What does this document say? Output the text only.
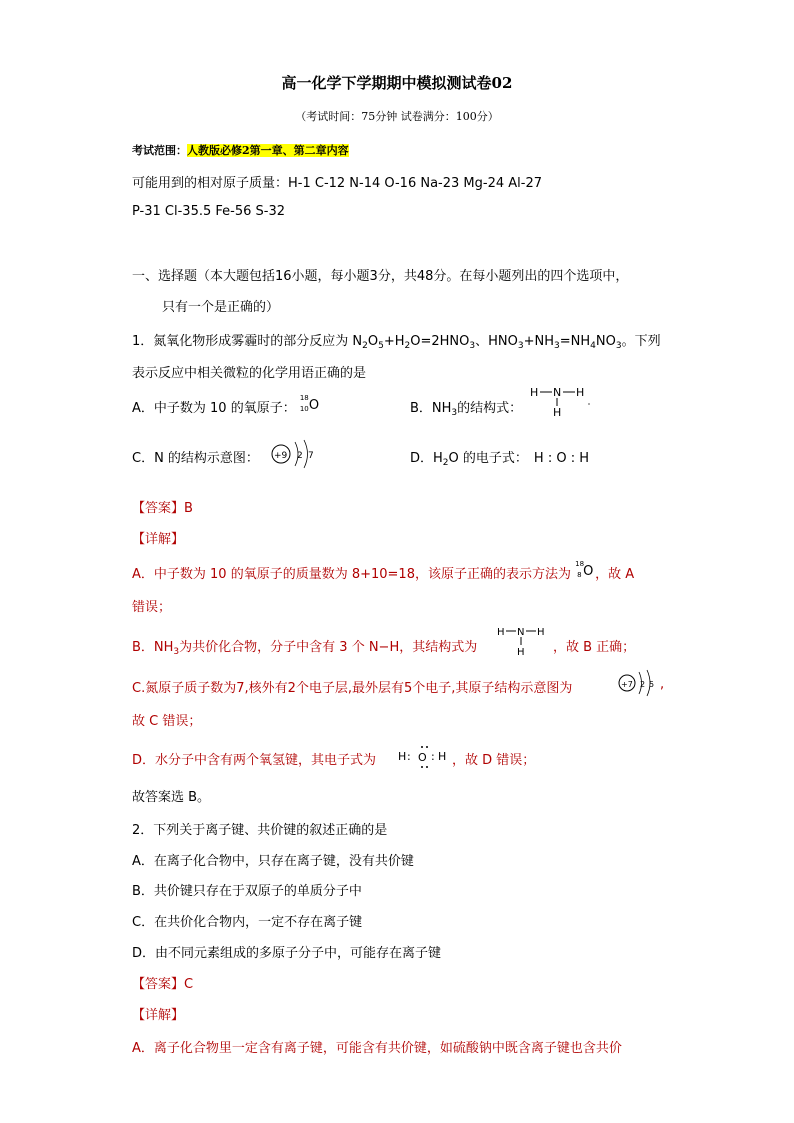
高一化学下学期期中模拟测试卷02
（考试时间：75分钟 试卷满分：100分）
考试范围：人教版必修2第一章、第二章内容
可能用到的相对原子质量：H-1 C-12 N-14 O-16 Na-23 Mg-24 Al-27
P-31 Cl-35.5 Fe-56 S-32
一、选择题（本大题包括16小题，每小题3分，共48分。在每小题列出的四个选项中，
只有一个是正确的）
1．氮氧化物形成雾霾时的部分反应为 $N_2O_5+H_2O=2HNO_3$、$HNO_3+NH_3=NH_4NO_3$。下列
表示反应中相关微粒的化学用语正确的是
A．中子数为 10 的氧原子：
18
10 O	B．$NH_3$的结构式：
H N H
H
C．N 的结构示意图： +9 2 7	D．$H_2O$ 的电子式： H : O : H
【答案】B
【详解】
A．中子数为 10 的氧原子的质量数为 8+10=18，该原子正确的表示方法为
18
8 O ，故 A
错误；
B．$NH_3$为共价化合物，分子中含有 3 个 N−H，其结构式为
H N H
H ，故 B 正确；
C.氮原子质子数为7,核外有2个电子层,最外层有5个电子,其原子结构示意图为	+7 2 5 ,
故 C 错误；
D．水分子中含有两个氧氢键，其电子式为 H : O : H ，故 D 错误；
故答案选 B。
2．下列关于离子键、共价键的叙述正确的是
A．在离子化合物中，只存在离子键，没有共价键
B．共价键只存在于双原子的单质分子中
C．在共价化合物内，一定不存在离子键
D．由不同元素组成的多原子分子中，可能存在离子键
【答案】C
【详解】
A．离子化合物里一定含有离子键，可能含有共价键，如硫酸钠中既含离子键也含共价
